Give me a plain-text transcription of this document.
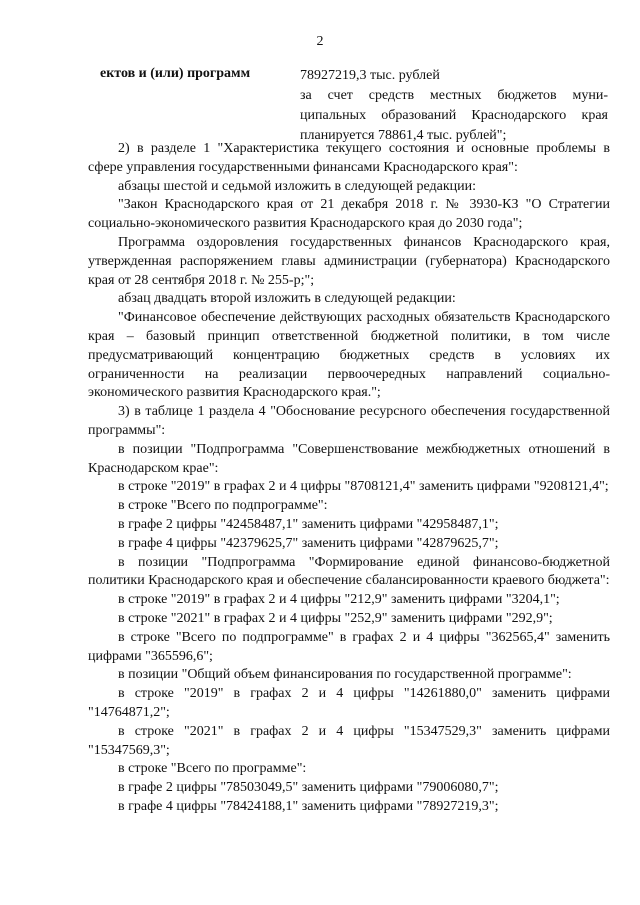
2
ектов и (или) программ	78927219,3 тыс. рублей
за счет средств местных бюджетов муни-
ципальных образований Краснодарского края
планируется 78861,4 тыс. рублей";

2) в разделе 1 "Характеристика текущего состояния и основные проблемы в сфере управления государственными финансами Краснодарского края":

абзацы шестой и седьмой изложить в следующей редакции:

"Закон Краснодарского края от 21 декабря 2018 г. № 3930-КЗ "О Стратегии социально-экономического развития Краснодарского края до 2030 года";

Программа оздоровления государственных финансов Краснодарского края, утвержденная распоряжением главы администрации (губернатора) Краснодарского края от 28 сентября 2018 г. № 255-р;";

абзац двадцать второй изложить в следующей редакции:

"Финансовое обеспечение действующих расходных обязательств Краснодарского края – базовый принцип ответственной бюджетной политики, в том числе предусматривающий концентрацию бюджетных средств в условиях их ограниченности на реализации первоочередных направлений социально-экономического развития Краснодарского края.";

3) в таблице 1 раздела 4 "Обоснование ресурсного обеспечения государственной программы":

в позиции "Подпрограмма "Совершенствование межбюджетных отношений в Краснодарском крае":

в строке "2019" в графах 2 и 4 цифры "8708121,4" заменить цифрами "9208121,4";

в строке "Всего по подпрограмме":

в графе 2 цифры "42458487,1" заменить цифрами "42958487,1";

в графе 4 цифры "42379625,7" заменить цифрами "42879625,7";

в позиции "Подпрограмма "Формирование единой финансово-бюджетной политики Краснодарского края и обеспечение сбалансированности краевого бюджета":

в строке "2019" в графах 2 и 4 цифры "212,9" заменить цифрами "3204,1";

в строке "2021" в графах 2 и 4 цифры "252,9" заменить цифрами "292,9";

в строке "Всего по подпрограмме" в графах 2 и 4 цифры "362565,4" заменить цифрами "365596,6";

в позиции "Общий объем финансирования по государственной программе":

в строке "2019" в графах 2 и 4 цифры "14261880,0" заменить цифрами "14764871,2";

в строке "2021" в графах 2 и 4 цифры "15347529,3" заменить цифрами "15347569,3";

в строке "Всего по программе":

в графе 2 цифры "78503049,5" заменить цифрами "79006080,7";

в графе 4 цифры "78424188,1" заменить цифрами "78927219,3";
